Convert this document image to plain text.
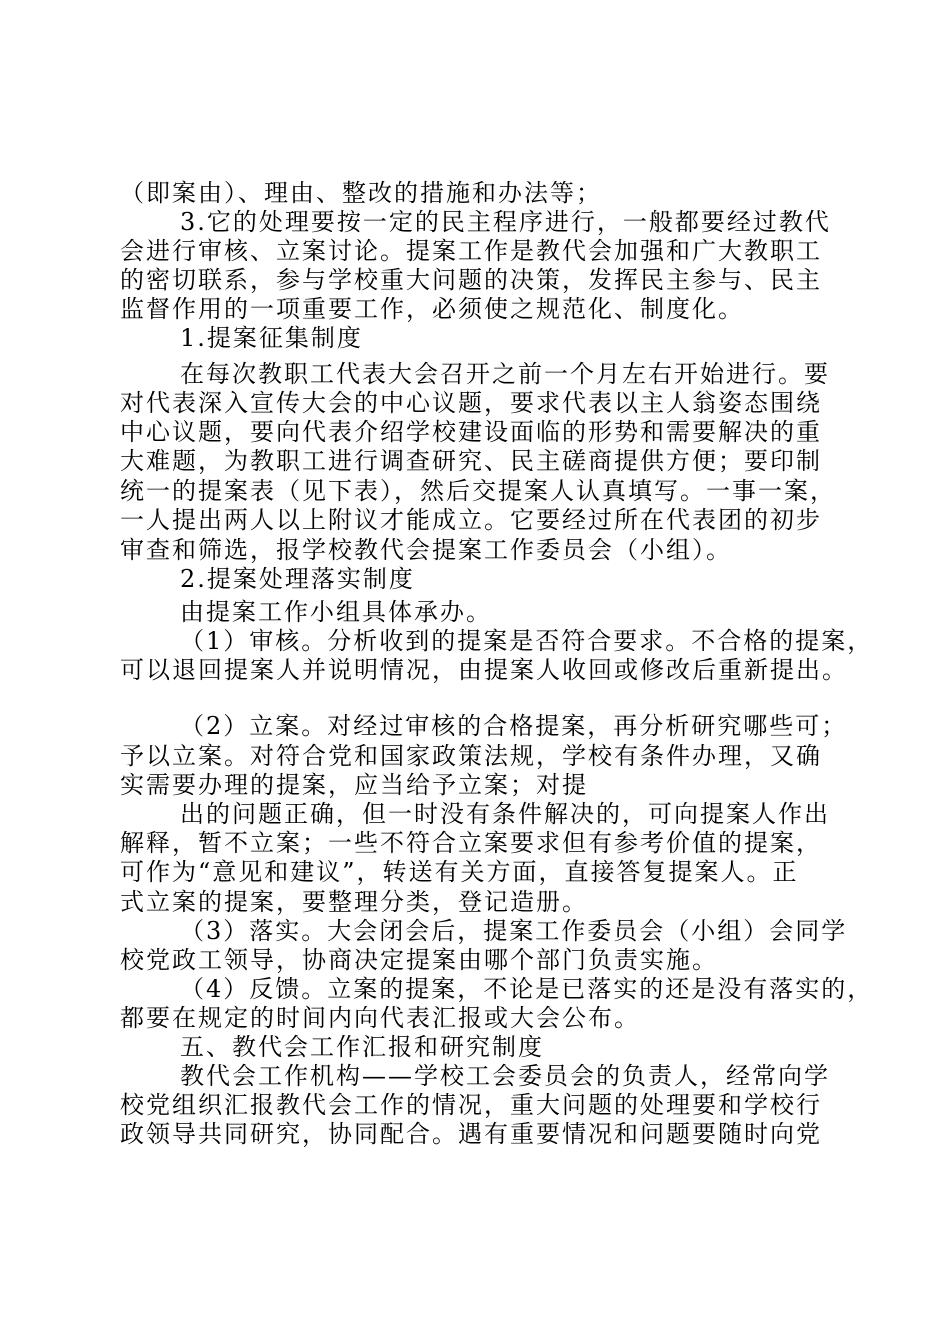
（即案由）、理由、整改的措施和办法等；
3.它的处理要按一定的民主程序进行，一般都要经过教代
会进行审核、立案讨论。提案工作是教代会加强和广大教职工
的密切联系，参与学校重大问题的决策，发挥民主参与、民主
监督作用的一项重要工作，必须使之规范化、制度化。
1.提案征集制度
在每次教职工代表大会召开之前一个月左右开始进行。要
对代表深入宣传大会的中心议题，要求代表以主人翁姿态围绕
中心议题，要向代表介绍学校建设面临的形势和需要解决的重
大难题，为教职工进行调查研究、民主磋商提供方便；要印制
统一的提案表（见下表），然后交提案人认真填写。一事一案，
一人提出两人以上附议才能成立。它要经过所在代表团的初步
审查和筛选，报学校教代会提案工作委员会（小组）。
2.提案处理落实制度
由提案工作小组具体承办。
（1）审核。分析收到的提案是否符合要求。不合格的提案，
可以退回提案人并说明情况，由提案人收回或修改后重新提出。
（2）立案。对经过审核的合格提案，再分析研究哪些可；
予以立案。对符合党和国家政策法规，学校有条件办理，又确
实需要办理的提案，应当给予立案；对提
出的问题正确，但一时没有条件解决的，可向提案人作出
解释，暂不立案；一些不符合立案要求但有参考价值的提案，
可作为“意见和建议”，转送有关方面，直接答复提案人。正
式立案的提案，要整理分类，登记造册。
（3）落实。大会闭会后，提案工作委员会（小组）会同学
校党政工领导，协商决定提案由哪个部门负责实施。
（4）反馈。立案的提案，不论是已落实的还是没有落实的，
都要在规定的时间内向代表汇报或大会公布。
五、教代会工作汇报和研究制度
教代会工作机构——学校工会委员会的负责人，经常向学
校党组织汇报教代会工作的情况，重大问题的处理要和学校行
政领导共同研究，协同配合。遇有重要情况和问题要随时向党
